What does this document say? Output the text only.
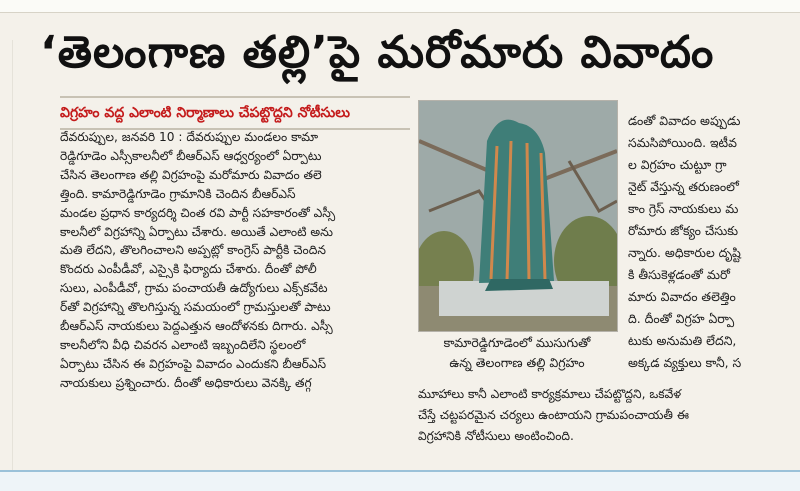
‘తెలంగాణ తల్లి’పై మరోమారు వివాదం
విగ్రహం వద్ద ఎలాంటి నిర్మాణాలు చేపట్టొద్దని నోటీసులు
దేవరుప్పుల, జనవరి 10 : దేవరుప్పుల మండలం కామా
రెడ్డిగూడెం ఎస్సీకాలనీలో బీఆర్‌ఎస్ ఆధ్వర్యంలో ఏర్పాటు
చేసిన తెలంగాణ తల్లి విగ్రహంపై మరోమారు వివాదం తలె
త్తింది. కామారెడ్డిగూడెం గ్రామానికి చెందిన బీఆర్‌ఎస్
మండల ప్రధాన కార్యదర్శి చింత రవి పార్టీ సహకారంతో ఎస్సీ
కాలనీలో విగ్రహాన్ని ఏర్పాటు చేశారు. అయితే ఎలాంటి అను
మతి లేదని, తొలగించాలని అప్పట్లో కాంగ్రెస్ పార్టీకి చెందిన
కొందరు ఎంపీడీవో, ఎస్సైకి ఫిర్యాదు చేశారు. దీంతో పోలీ
సులు, ఎంపీడీవో, గ్రామ పంచాయతీ ఉద్యోగులు ఎక్స్‌కవేట
ర్‌తో విగ్రహాన్ని తొలగిస్తున్న సమయంలో గ్రామస్తులతో పాటు
బీఆర్‌ఎస్ నాయకులు పెద్దఎత్తున ఆందోళనకు దిగారు. ఎస్సీ
కాలనీలోని వీధి చివరన ఎలాంటి ఇబ్బందిలేని స్థలంలో
ఏర్పాటు చేసిన ఈ విగ్రహంపై వివాదం ఎందుకని బీఆర్‌ఎస్
నాయకులు ప్రశ్నించారు. దీంతో అధికారులు వెనక్కి తగ్గ
కామారెడ్డిగూడెంలో ముసుగుతో
ఉన్న తెలంగాణ తల్లి విగ్రహం
డంతో వివాదం అప్పుడు
సమసిపోయింది. ఇటీవ
ల విగ్రహం చుట్టూ గ్రా
నైట్ వేస్తున్న తరుణంలో
కాం గ్రెస్ నాయకులు మ
రోమారు జోక్యం చేసుకు
న్నారు. అధికారుల దృష్టి
కి తీసుకెళ్లడంతో మరో
మారు వివాదం తలెత్తిం
ది. దీంతో విగ్రహ ఏర్పా
టుకు అనుమతి లేదని,
అక్కడ వ్యక్తులు కానీ, స
మూహాలు కానీ ఎలాంటి కార్యక్రమాలు చేపట్టొద్దని, ఒకవేళ
చేస్తే చట్టపరమైన చర్యలు ఉంటాయని గ్రామపంచాయతీ ఈ
విగ్రహానికి నోటీసులు అంటించింది.
